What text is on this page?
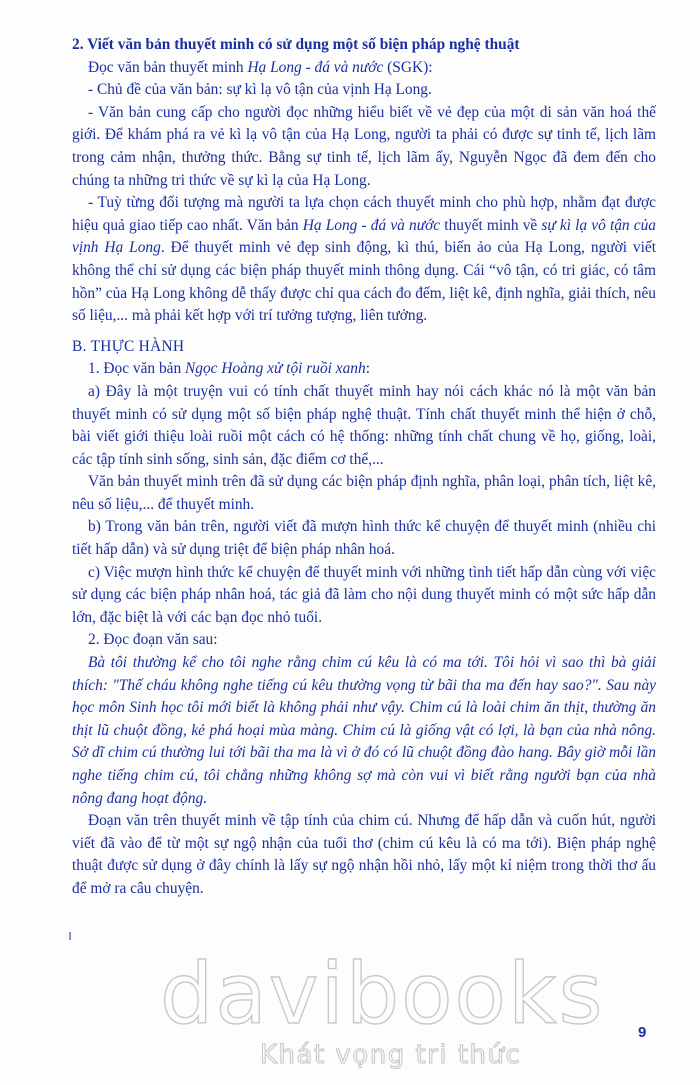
2. Viết văn bản thuyết minh có sử dụng một số biện pháp nghệ thuật

Đọc văn bản thuyết minh Hạ Long - đá và nước (SGK):

- Chủ đề của văn bản: sự kì lạ vô tận của vịnh Hạ Long.

- Văn bản cung cấp cho người đọc những hiểu biết về vẻ đẹp của một di sản văn hoá thế giới. Để khám phá ra vẻ kì lạ vô tận của Hạ Long, người ta phải có được sự tinh tế, lịch lãm trong cảm nhận, thưởng thức. Bằng sự tinh tế, lịch lãm ấy, Nguyễn Ngọc đã đem đến cho chúng ta những tri thức về sự kì lạ của Hạ Long.

- Tuỳ từng đối tượng mà người ta lựa chọn cách thuyết minh cho phù hợp, nhằm đạt được hiệu quả giao tiếp cao nhất. Văn bản Hạ Long - đá và nước thuyết minh về sự kì lạ vô tận của vịnh Hạ Long. Để thuyết minh vẻ đẹp sinh động, kì thú, biến ảo của Hạ Long, người viết không thể chỉ sử dụng các biện pháp thuyết minh thông dụng. Cái “vô tận, có tri giác, có tâm hồn” của Hạ Long không dễ thấy được chỉ qua cách đo đếm, liệt kê, định nghĩa, giải thích, nêu số liệu,... mà phải kết hợp với trí tưởng tượng, liên tưởng.

B. THỰC HÀNH

1. Đọc văn bản Ngọc Hoàng xử tội ruồi xanh:

a) Đây là một truyện vui có tính chất thuyết minh hay nói cách khác nó là một văn bản thuyết minh có sử dụng một số biện pháp nghệ thuật. Tính chất thuyết minh thể hiện ở chỗ, bài viết giới thiệu loài ruồi một cách có hệ thống: những tính chất chung về họ, giống, loài, các tập tính sinh sống, sinh sản, đặc điểm cơ thể,...

Văn bản thuyết minh trên đã sử dụng các biện pháp định nghĩa, phân loại, phân tích, liệt kê, nêu số liệu,... để thuyết minh.

b) Trong văn bản trên, người viết đã mượn hình thức kể chuyện để thuyết minh (nhiều chi tiết hấp dẫn) và sử dụng triệt để biện pháp nhân hoá.

c) Việc mượn hình thức kể chuyện để thuyết minh với những tình tiết hấp dẫn cùng với việc sử dụng các biện pháp nhân hoá, tác giả đã làm cho nội dung thuyết minh có một sức hấp dẫn lớn, đặc biệt là với các bạn đọc nhỏ tuổi.

2. Đọc đoạn văn sau:

Bà tôi thường kể cho tôi nghe rằng chim cú kêu là có ma tới. Tôi hỏi vì sao thì bà giải thích: "Thế cháu không nghe tiếng cú kêu thường vọng từ bãi tha ma đến hay sao?". Sau này học môn Sinh học tôi mới biết là không phải như vậy. Chim cú là loài chim ăn thịt, thường ăn thịt lũ chuột đồng, kẻ phá hoại mùa màng. Chim cú là giống vật có lợi, là bạn của nhà nông. Sở dĩ chim cú thường lui tới bãi tha ma là vì ở đó có lũ chuột đồng đào hang. Bây giờ mỗi lần nghe tiếng chim cú, tôi chẳng những không sợ mà còn vui vì biết rằng người bạn của nhà nông đang hoạt động.

Đoạn văn trên thuyết minh về tập tính của chim cú. Nhưng để hấp dẫn và cuốn hút, người viết đã vào để từ một sự ngộ nhận của tuổi thơ (chim cú kêu là có ma tới). Biện pháp nghệ thuật được sử dụng ở đây chính là lấy sự ngộ nhận hồi nhỏ, lấy một kỉ niệm trong thời thơ ấu để mở ra câu chuyện.

davibooks
Khát vọng tri thức
9
